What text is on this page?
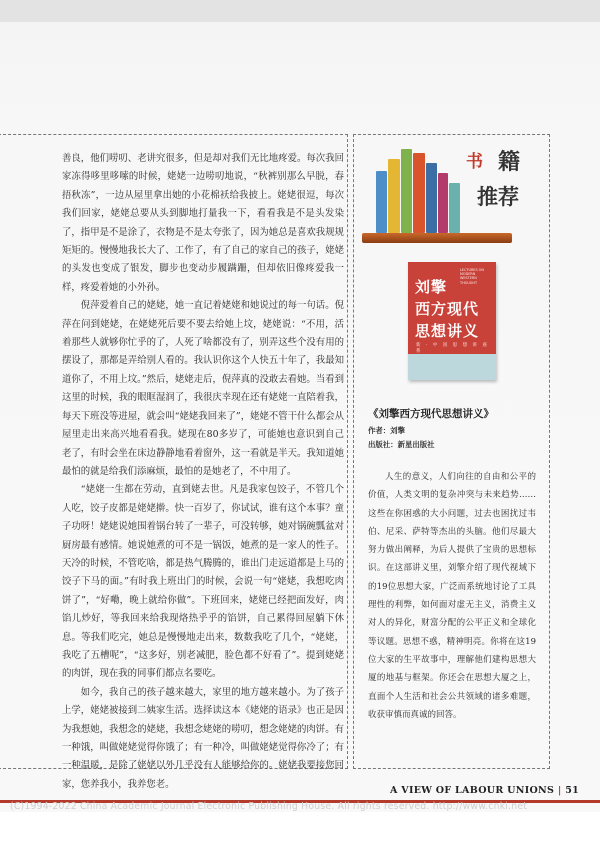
善良，他们唠叨、老讲究很多，但是却对我们无比地疼爱。每次我回家冻得哆里哆嗦的时候，姥姥一边唠叨地说，“秋裤别那么早脱，春捂秋冻”，一边从屋里拿出她的小花棉袄给我披上。姥姥很逗，每次我们回家，姥姥总要从头到脚地打量我一下，看看我是不是头发染了，指甲是不是涂了，衣物是不是太夸张了，因为她总是喜欢我规规矩矩的。慢慢地我长大了、工作了，有了自己的家自己的孩子，姥姥的头发也变成了银发，脚步也变动步履蹒跚，但却依旧像疼爱我一样，疼爱着她的小外孙。

倪萍爱着自己的姥姥，她一直记着姥姥和她说过的每一句话。倪萍在问到姥姥，在姥姥死后要不要去给她上坟，姥姥说：“不用，活着那些人就够你忙乎的了，人死了啥都没有了，别弄这些个没有用的摆设了，那都是弄给别人看的。我认识你这个人快五十年了，我最知道你了，不用上坟。”然后，姥姥走后，倪萍真的没敢去看她。当看到这里的时候，我的眼眶湿润了，我很庆幸现在还有姥姥一直陪着我，每天下班没等进屋，就会叫“姥姥我回来了”，姥姥不管干什么都会从屋里走出来高兴地看看我。姥现在80多岁了，可能她也意识到自己老了，有时会坐在床边静静地看着窗外，这一看就是半天。我知道她最怕的就是给我们添麻烦，最怕的是她老了，不中用了。

“姥姥一生都在劳动，直到姥去世。凡是我家包饺子，不管几个人吃，饺子皮都是姥姥擀。快一百岁了，你试试，谁有这个本事？童子功呀！姥姥说她围着锅台转了一辈子，可没转够，她对锅碗瓢盆对厨房最有感情。她说她煮的可不是一锅饭，她煮的是一家人的性子。天冷的时候，不管吃啥，都是热气腾腾的，谁出门走远道都是上马的饺子下马的面。”有时我上班出门的时候，会说一句“姥姥，我想吃肉饼了”，“好嘞，晚上就给你做”。下班回来，姥姥已经把面发好，肉馅儿炒好，等我回来给我现烙热乎乎的馅饼，自己累得回屋躺下休息。等我们吃完，她总是慢慢地走出来，数数我吃了几个，“姥姥，我吃了五槽呢”，“这多好，别老减肥，脸色都不好看了”。提到姥姥的肉饼，现在我的同事们都点名要吃。

如今，我自己的孩子越来越大，家里的地方越来越小。为了孩子上学，姥姥被接到二姨家生活。选择读这本《姥姥的语录》也正是因为我想她，我想念的姥姥，我想念姥姥的唠叨，想念姥姥的肉饼。有一种饿，叫做姥姥觉得你饿了；有一种冷，叫做姥姥觉得你冷了；有一种温暖，是除了姥姥以外几乎没有人能够给你的。姥姥我要接您回家，您养我小，我养您老。

书 籍
推荐
刘擎
LECTURES ON MODERN WESTERN THOUGHT
西方现代
思想讲义
新 · 中 国 思 想 讲 座 系
《刘擎西方现代思想讲义》
作者：刘擎
出版社：新星出版社

人生的意义，人们向往的自由和公平的价值，人类文明的复杂冲突与未来趋势……这些在你困惑的大小问题，过去也困扰过韦伯、尼采、萨特等杰出的头脑。他们尽最大努力做出阐释，为后人提供了宝贵的思想标识。在这部讲义里，刘擎介绍了现代视域下的19位思想大家，广泛而系统地讨论了工具理性的利弊，如何面对虚无主义，消费主义对人的异化，财富分配的公平正义和全球化等议题。思想不惑，精神明亮。你将在这19位大家的生平故事中，理解他们建构思想大厦的地基与框架。你还会在思想大厦之上，直面个人生活和社会公共领域的诸多难题，收获审慎而真诚的回答。

A VIEW OF LABOUR UNIONS | 51
(C)1994-2022 China Academic Journal Electronic Publishing House. All rights reserved. http://www.cnki.net
